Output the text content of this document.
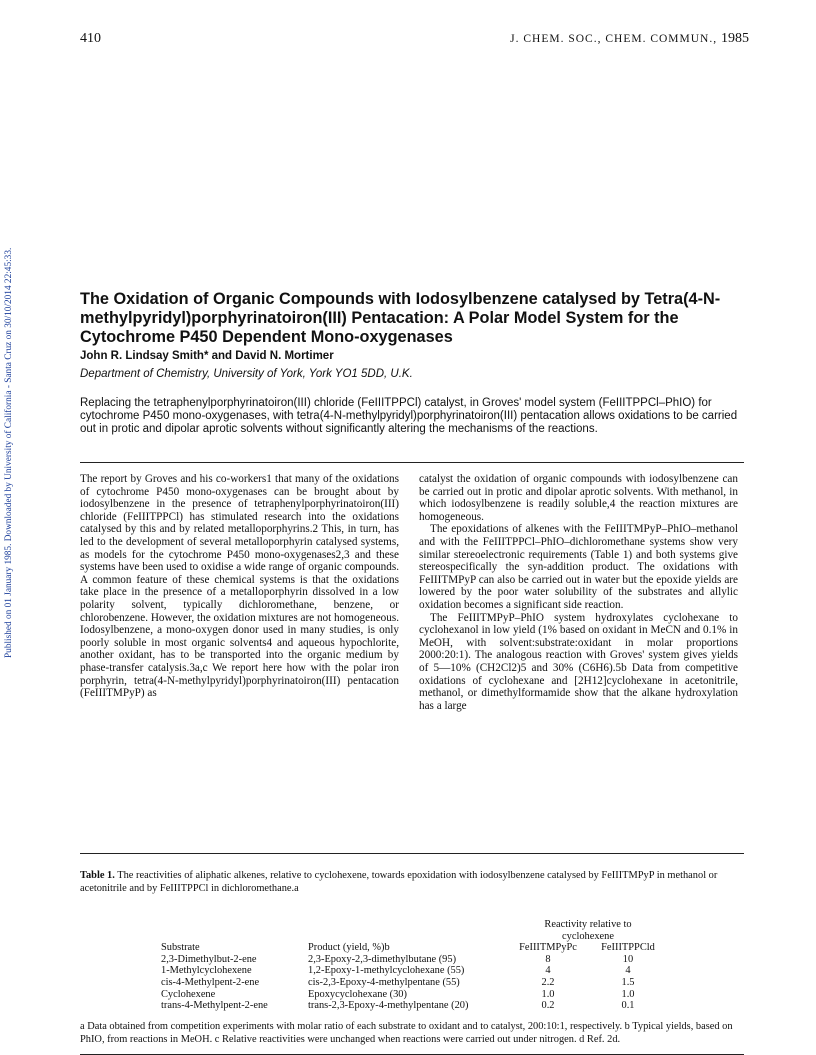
410	J. CHEM. SOC., CHEM. COMMUN., 1985
Published on 01 January 1985. Downloaded by University of California - Santa Cruz on 30/10/2014 22:45:33.	The Oxidation of Organic Compounds with Iodosylbenzene catalysed by Tetra(4-N-methylpyridyl)porphyrinatoiron(III) Pentacation: A Polar Model System for the Cytochrome P450 Dependent Mono-oxygenases
John R. Lindsay Smith* and David N. Mortimer
Department of Chemistry, University of York, York YO1 5DD, U.K.
Replacing the tetraphenylporphyrinatoiron(III) chloride (FeIIITPPCl) catalyst, in Groves' model system (FeIIITPPCl–PhIO) for cytochrome P450 mono-oxygenases, with tetra(4-N-methylpyridyl)porphyrinatoiron(III) pentacation allows oxidations to be carried out in protic and dipolar aprotic solvents without significantly altering the mechanisms of the reactions.

The report by Groves and his co-workers1 that many of the oxidations of cytochrome P450 mono-oxygenases can be brought about by iodosylbenzene in the presence of tetraphenylporphyrinatoiron(III) chloride (FeIIITPPCl) has stimulated research into the oxidations catalysed by this and by related metalloporphyrins.2 This, in turn, has led to the development of several metalloporphyrin catalysed systems, as models for the cytochrome P450 mono-oxygenases2,3 and these systems have been used to oxidise a wide range of organic compounds. A common feature of these chemical systems is that the oxidations take place in the presence of a metalloporphyrin dissolved in a low polarity solvent, typically dichloromethane, benzene, or chlorobenzene. However, the oxidation mixtures are not homogeneous. Iodosylbenzene, a mono-oxygen donor used in many studies, is only poorly soluble in most organic solvents4 and aqueous hypochlorite, another oxidant, has to be transported into the organic medium by phase-transfer catalysis.3a,c We report here how with the polar iron porphyrin, tetra(4-N-methylpyridyl)porphyrinatoiron(III) pentacation (FeIIITMPyP) as

catalyst the oxidation of organic compounds with iodosylbenzene can be carried out in protic and dipolar aprotic solvents. With methanol, in which iodosylbenzene is readily soluble,4 the reaction mixtures are homogeneous.

The epoxidations of alkenes with the FeIIITMPyP–PhIO–methanol and with the FeIIITPPCl–PhIO–dichloromethane systems show very similar stereoelectronic requirements (Table 1) and both systems give stereospecifically the syn-addition product. The oxidations with FeIIITMPyP can also be carried out in water but the epoxide yields are lowered by the poor water solubility of the substrates and allylic oxidation becomes a significant side reaction.

The FeIIITMPyP–PhIO system hydroxylates cyclohexane to cyclohexanol in low yield (1% based on oxidant in MeCN and 0.1% in MeOH, with solvent:substrate:oxidant in molar proportions 2000:20:1). The analogous reaction with Groves' system gives yields of 5—10% (CH2Cl2)5 and 30% (C6H6).5b Data from competitive oxidations of cyclohexane and [2H12]cyclohexane in acetonitrile, methanol, or dimethylformamide show that the alkane hydroxylation has a large

Table 1. The reactivities of aliphatic alkenes, relative to cyclohexene, towards epoxidation with iodosylbenzene catalysed by FeIIITMPyP in methanol or acetonitrile and by FeIIITPPCl in dichloromethane.a
		Reactivity relative to	
		cyclohexene	
Substrate	Product (yield, %)b	FeIIITMPyPc	FeIIITPPCld
2,3-Dimethylbut-2-ene	2,3-Epoxy-2,3-dimethylbutane (95)	8	10
1-Methylcyclohexene	1,2-Epoxy-1-methylcyclohexane (55)	4	4
cis-4-Methylpent-2-ene	cis-2,3-Epoxy-4-methylpentane (55)	2.2	1.5
Cyclohexene	Epoxycyclohexane (30)	1.0	1.0
trans-4-Methylpent-2-ene	trans-2,3-Epoxy-4-methylpentane (20)	0.2	0.1
a Data obtained from competition experiments with molar ratio of each substrate to oxidant and to catalyst, 200:10:1, respectively. b Typical yields, based on PhIO, from reactions in MeOH. c Relative reactivities were unchanged when reactions were carried out under nitrogen. d Ref. 2d.
